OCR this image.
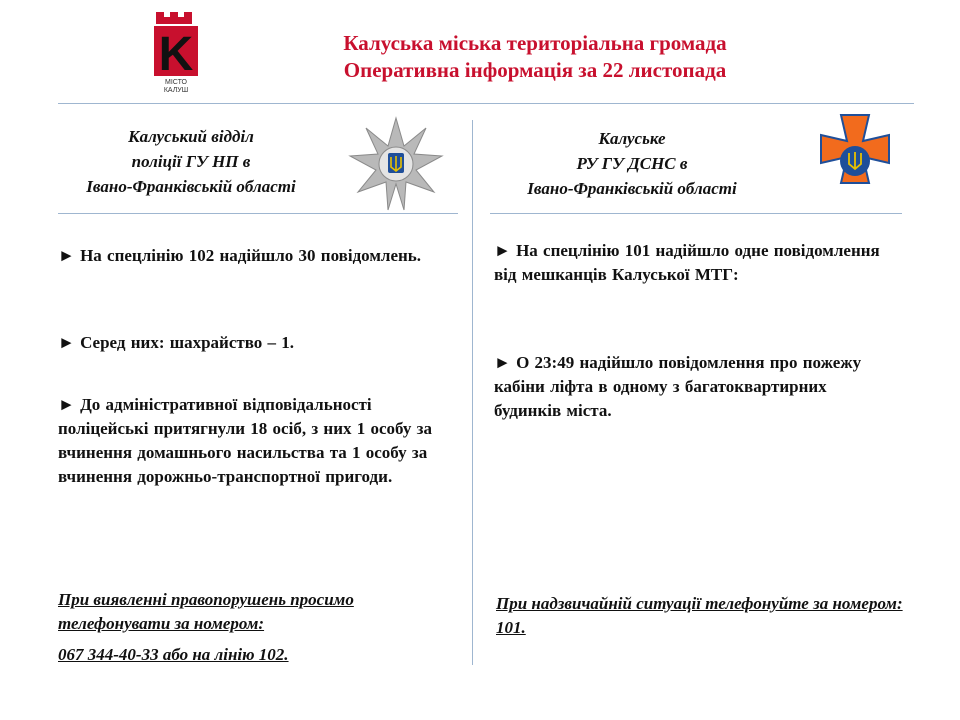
K
МІСТО
КАЛУШ
Калуська міська територіальна громада
Оперативна інформація за 22 листопада
Калуський відділ
поліції ГУ НП в
Івано-Франківській області
Калуське
РУ ГУ ДСНС в
Івано-Франківській області
► На спецлінію 102 надійшло 30 повідомлень.
► Серед них: шахрайство – 1.
► До адміністративної відповідальності поліцейські притягнули 18 осіб, з них 1 особу за вчинення домашнього насильства та 1 особу за вчинення дорожньо-транспортної пригоди.
При виявленні правопорушень просимо телефонувати за номером:
067 344-40-33 або на лінію 102.
► На спецлінію 101 надійшло одне повідомлення від мешканців Калуської МТГ:
► О 23:49 надійшло повідомлення про пожежу кабіни ліфта в одному з багатоквартирних будинків міста.
При надзвичайній ситуації телефонуйте за номером: 101.
